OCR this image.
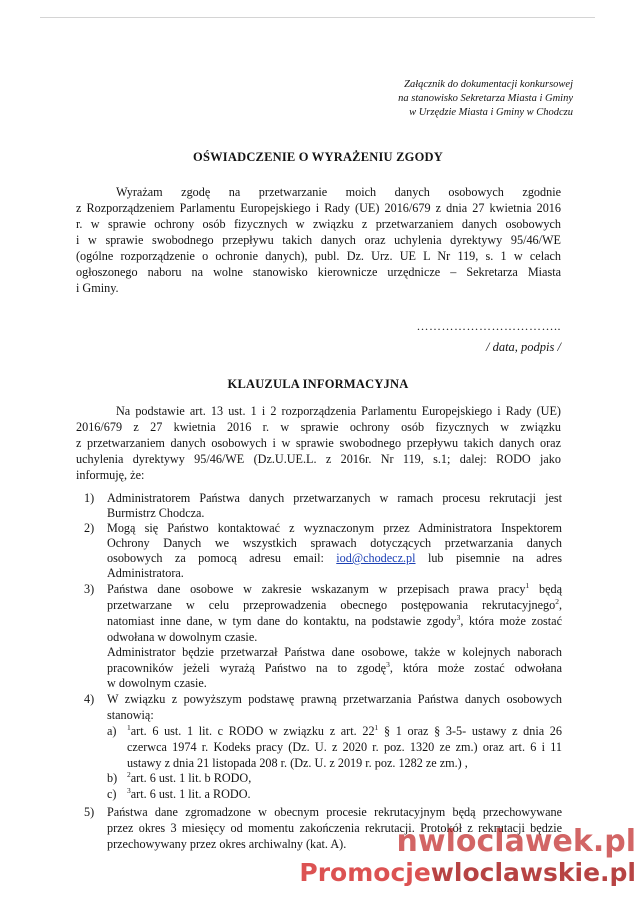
Załącznik do dokumentacji konkursowej
na stanowisko Sekretarza Miasta i Gminy
w Urzędzie Miasta i Gminy w Chodczu
OŚWIADCZENIE O WYRAŻENIU ZGODY
Wyrażam zgodę na przetwarzanie moich danych osobowych zgodnie
z Rozporządzeniem Parlamentu Europejskiego i Rady (UE) 2016/679 z dnia 27 kwietnia 2016
r. w sprawie ochrony osób fizycznych w związku z przetwarzaniem danych osobowych
i w sprawie swobodnego przepływu takich danych oraz uchylenia dyrektywy 95/46/WE
(ogólne rozporządzenie o ochronie danych), publ. Dz. Urz. UE L Nr 119, s. 1 w celach
ogłoszonego naboru na wolne stanowisko kierownicze urzędnicze – Sekretarza Miasta
i Gminy.
……………………………..
/ data, podpis /
KLAUZULA INFORMACYJNA
Na podstawie art. 13 ust. 1 i 2 rozporządzenia Parlamentu Europejskiego i Rady (UE)
2016/679 z 27 kwietnia 2016 r. w sprawie ochrony osób fizycznych w związku
z przetwarzaniem danych osobowych i w sprawie swobodnego przepływu takich danych oraz
uchylenia dyrektywy 95/46/WE (Dz.U.UE.L. z 2016r. Nr 119, s.1; dalej: RODO jako
informuję, że:
1) Administratorem Państwa danych przetwarzanych w ramach procesu rekrutacji jest
Burmistrz Chodcza.
2) Mogą się Państwo kontaktować z wyznaczonym przez Administratora Inspektorem
Ochrony Danych we wszystkich sprawach dotyczących przetwarzania danych
osobowych za pomocą adresu email: iod@chodecz.pl lub pisemnie na adres
Administratora.
3) Państwa dane osobowe w zakresie wskazanym w przepisach prawa pracy$^1$ będą
przetwarzane w celu przeprowadzenia obecnego postępowania rekrutacyjnego$^2$,
natomiast inne dane, w tym dane do kontaktu, na podstawie zgody$^3$, która może zostać
odwołana w dowolnym czasie.
Administrator będzie przetwarzał Państwa dane osobowe, także w kolejnych naborach
pracowników jeżeli wyrażą Państwo na to zgodę$^3$, która może zostać odwołana
w dowolnym czasie.
4) W związku z powyższym podstawę prawną przetwarzania Państwa danych osobowych
stanowią:
a) $^1$art. 6 ust. 1 lit. c RODO w związku z art. $22^1$ § 1 oraz § 3-5- ustawy z dnia 26
czerwca 1974 r. Kodeks pracy (Dz. U. z 2020 r. poz. 1320 ze zm.) oraz art. 6 i 11
ustawy z dnia 21 listopada 208 r. (Dz. U. z 2019 r. poz. 1282 ze zm.) ,
b) $^2$art. 6 ust. 1 lit. b RODO,
c) $^3$art. 6 ust. 1 lit. a RODO.
5) Państwa dane zgromadzone w obecnym procesie rekrutacyjnym będą przechowywane
przez okres 3 miesięcy od momentu zakończenia rekrutacji. Protokół z rekrutacji będzie
przechowywany przez okres archiwalny (kat. A).	nwloclawek.pl
Promocjewloclawskie.pl
